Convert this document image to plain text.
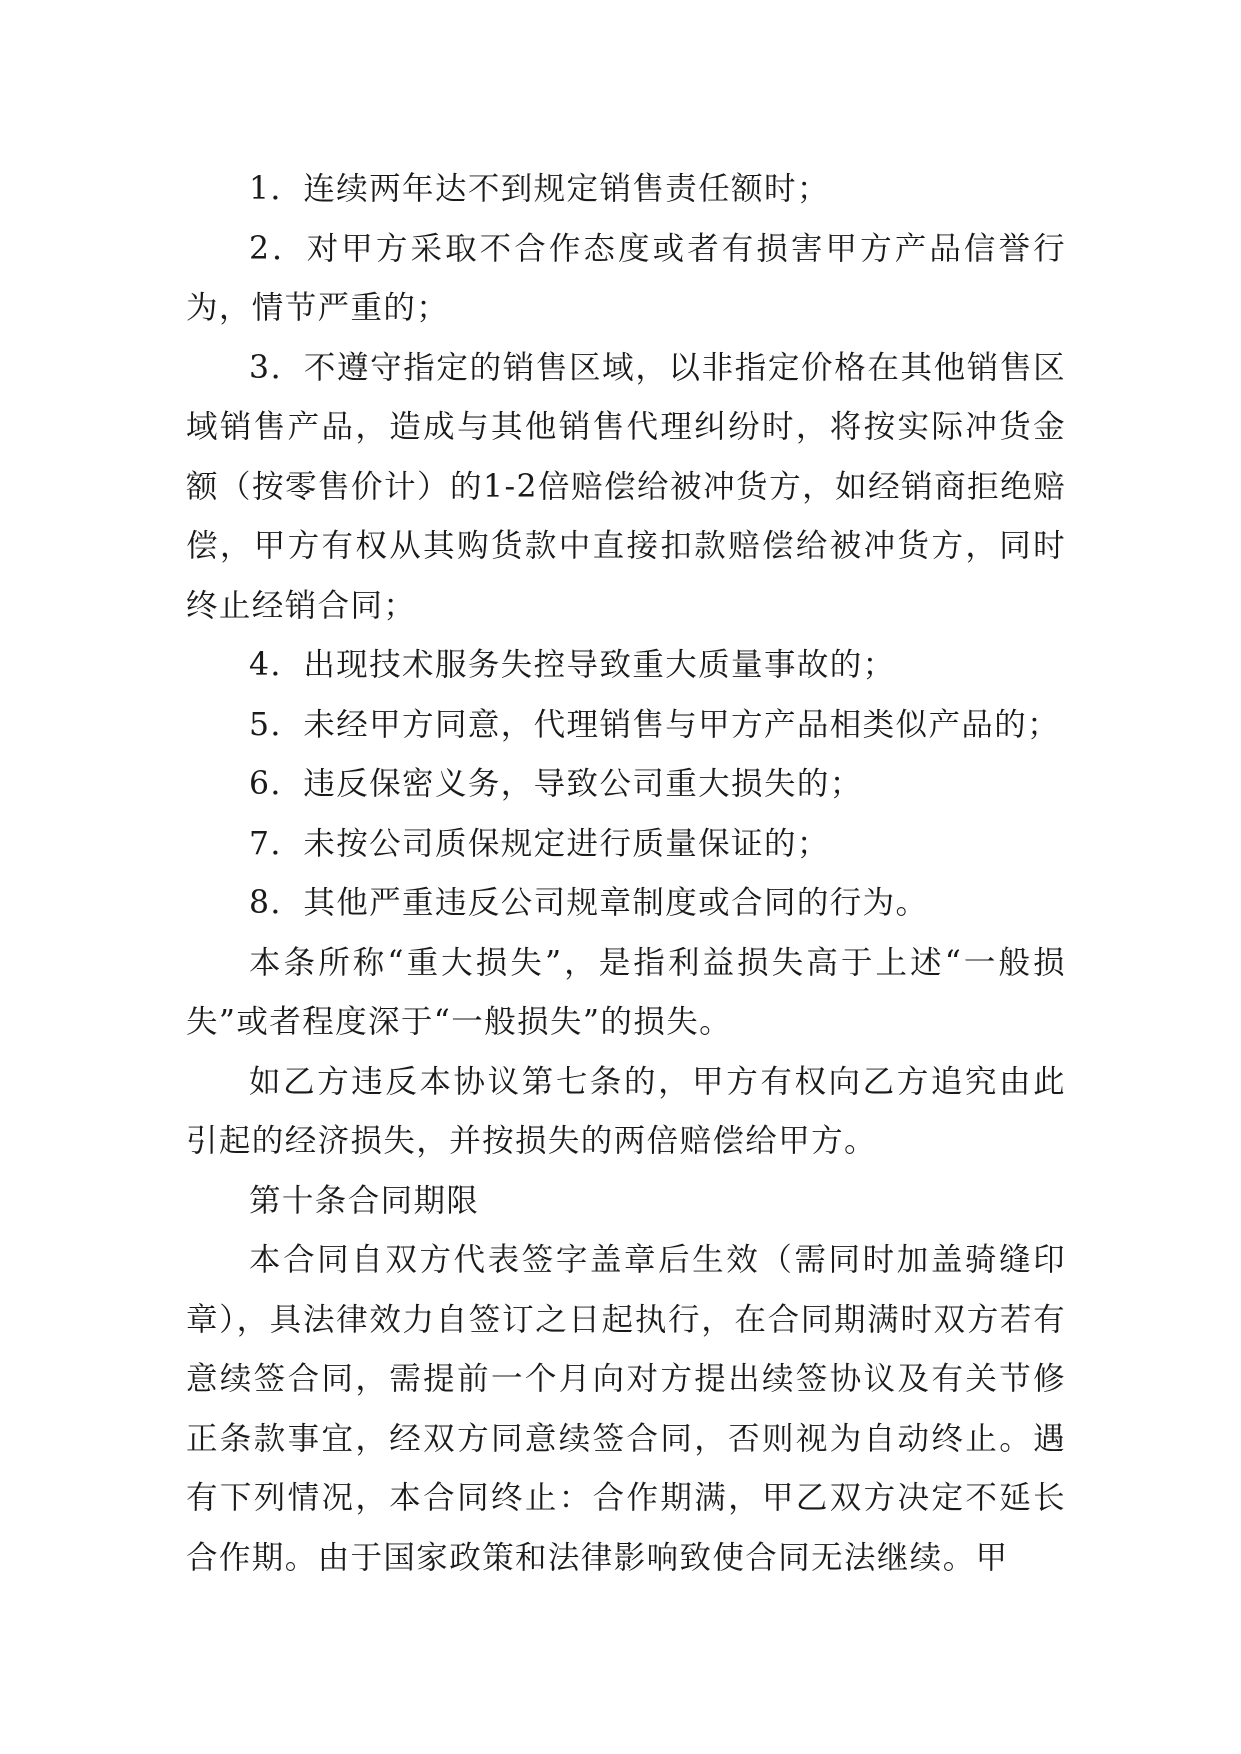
1．连续两年达不到规定销售责任额时；

2．对甲方采取不合作态度或者有损害甲方产品信誉行为，情节严重的；

3．不遵守指定的销售区域，以非指定价格在其他销售区域销售产品，造成与其他销售代理纠纷时，将按实际冲货金额（按零售价计）的1-2倍赔偿给被冲货方，如经销商拒绝赔偿，甲方有权从其购货款中直接扣款赔偿给被冲货方，同时终止经销合同；

4．出现技术服务失控导致重大质量事故的；

5．未经甲方同意，代理销售与甲方产品相类似产品的；

6．违反保密义务，导致公司重大损失的；

7．未按公司质保规定进行质量保证的；

8．其他严重违反公司规章制度或合同的行为。

本条所称“重大损失”，是指利益损失高于上述“一般损失”或者程度深于“一般损失”的损失。

如乙方违反本协议第七条的，甲方有权向乙方追究由此引起的经济损失，并按损失的两倍赔偿给甲方。

第十条合同期限

本合同自双方代表签字盖章后生效（需同时加盖骑缝印章），具法律效力自签订之日起执行，在合同期满时双方若有意续签合同，需提前一个月向对方提出续签协议及有关节修正条款事宜，经双方同意续签合同，否则视为自动终止。遇有下列情况，本合同终止：合作期满，甲乙双方决定不延长合作期。由于国家政策和法律影响致使合同无法继续。甲
